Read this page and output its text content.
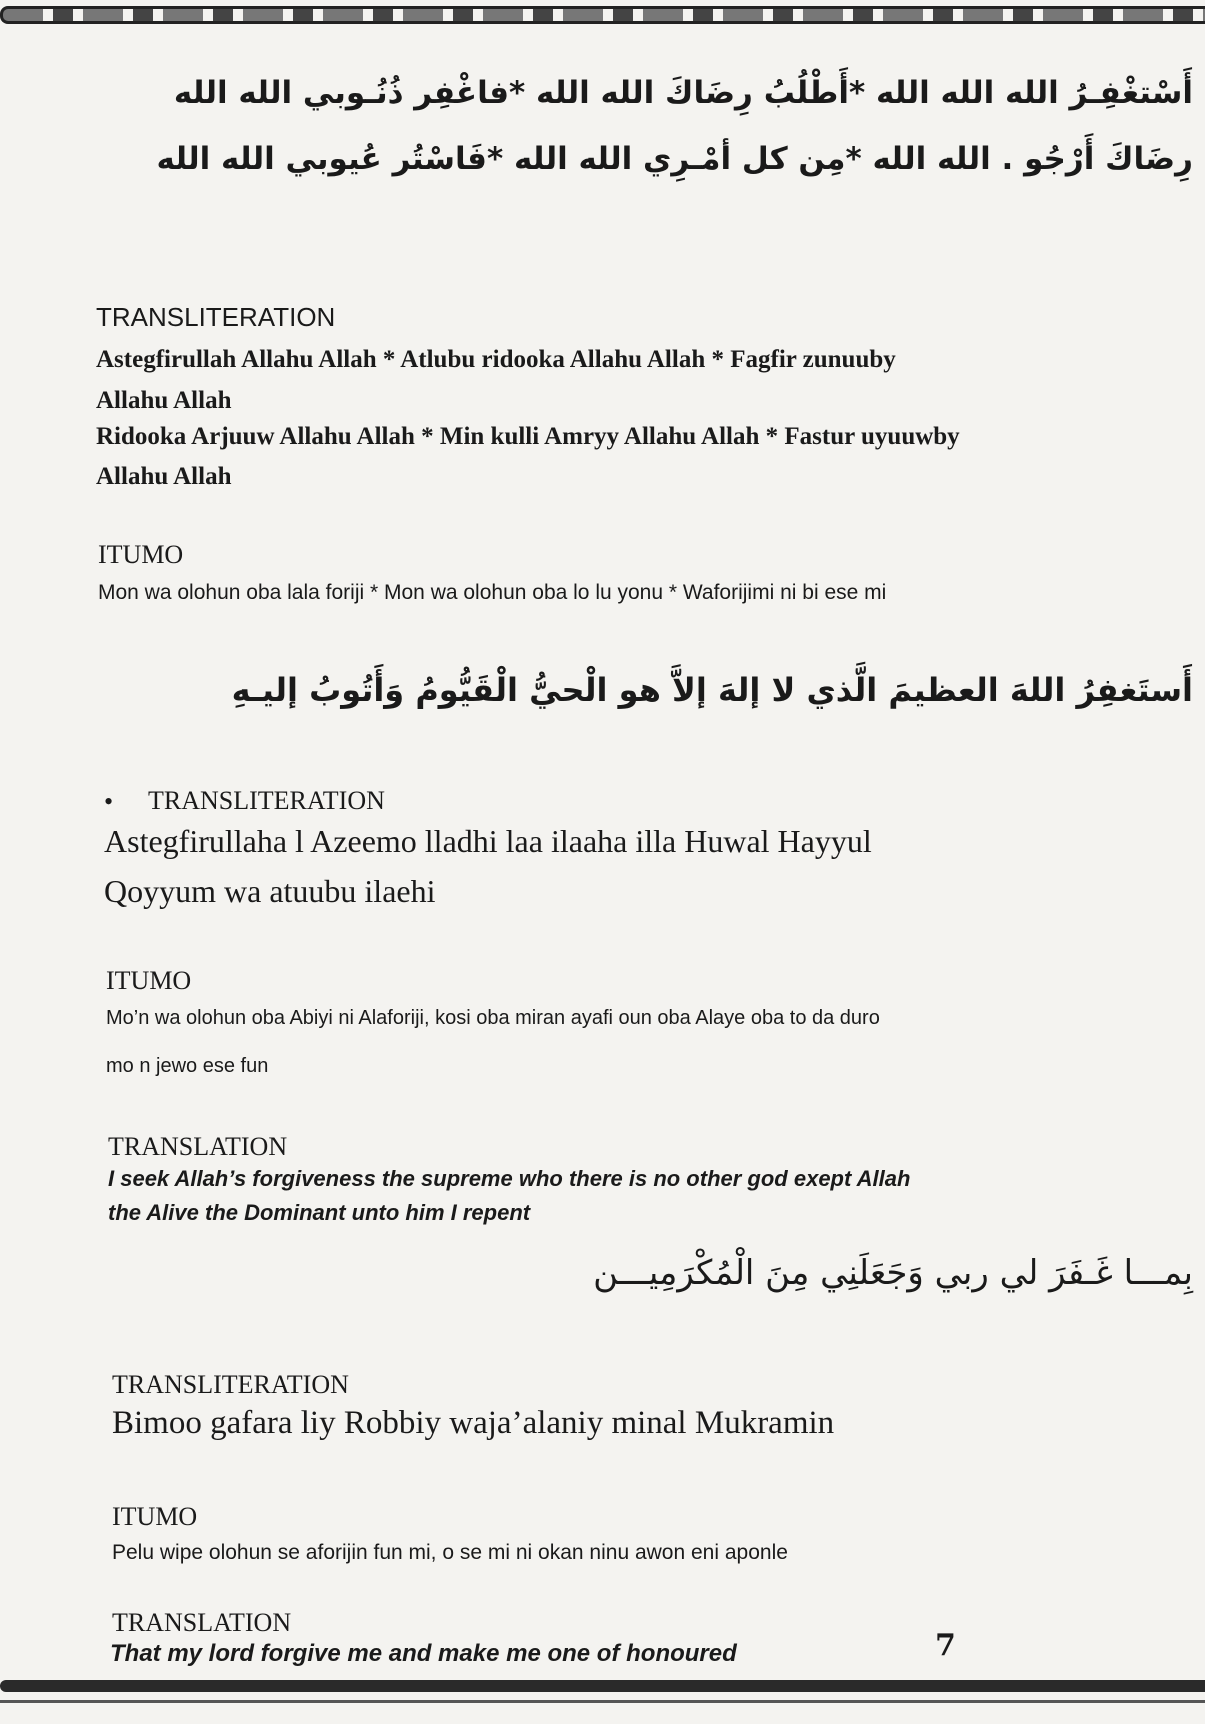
أَسْتغْفِـرُ الله الله الله *أَطْلُبُ رِضَاكَ الله الله *فاغْفِر ذُنُـوبي الله الله
رِضَاكَ أَرْجُو . الله الله *مِن كل أمْـرِي الله الله *فَاسْتُر عُيوبي الله الله
TRANSLITERATION
Astegfirullah Allahu Allah * Atlubu ridooka Allahu Allah * Fagfir zunuuby
Allahu Allah
Ridooka Arjuuw Allahu Allah * Min kulli Amryy Allahu Allah * Fastur uyuuwby
Allahu Allah
ITUMO
Mon wa olohun oba lala foriji * Mon wa olohun oba lo lu yonu * Waforijimi ni bi ese mi
أَستَغفِرُ اللهَ العظيمَ الَّذي لا إلهَ إلاَّ هو الْحيُّ الْقَيُّومُ وَأَتُوبُ إليـهِ
• TRANSLITERATION
Astegfirullaha l Azeemo lladhi laa ilaaha illa Huwal Hayyul
Qoyyum wa atuubu ilaehi
ITUMO
Mo’n wa olohun oba Abiyi ni Alaforiji, kosi oba miran ayafi oun oba Alaye oba to da duro
mo n jewo ese fun
TRANSLATION
I seek Allah’s forgiveness the supreme who there is no other god exept Allah
the Alive the Dominant unto him I repent
بِمـــا غَـفَرَ لي ربي وَجَعَلَنِي مِنَ الْمُكْرَمِيـــن
TRANSLITERATION
Bimoo gafara liy Robbiy waja’alaniy minal Mukramin
ITUMO
Pelu wipe olohun se aforijin fun mi, o se mi ni okan ninu awon eni aponle
TRANSLATION
That my lord forgive me and make me one of honoured	7
